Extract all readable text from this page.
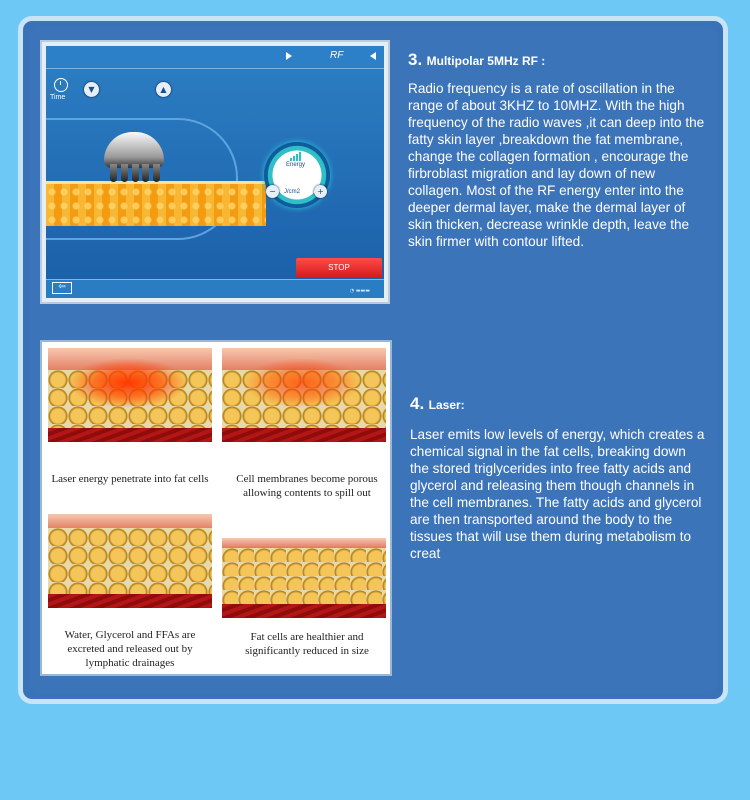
RF
Time
▼	▲
Energy
J/cm2
−	+
STOP
⇦	◔ ▬▬▬
3. Multipolar 5MHz RF :
Radio frequency is a rate of oscillation in the range of about 3KHZ to 10MHZ. With the high frequency of the radio waves ,it can deep into the fatty skin layer ,breakdown the fat membrane, change the collagen formation , encourage the firbroblast migration and lay down of new collagen. Most of the RF energy enter into the deeper dermal layer, make the dermal layer of skin thicken, decrease wrinkle depth, leave the skin firmer with contour lifted.
Laser energy penetrate into fat cells	Cell membranes become porous allowing contents to spill out
Water, Glycerol and FFAs are excreted and released out by lymphatic drainages
Fat cells are healthier and significantly reduced in size
4. Laser:
Laser emits low levels of energy, which creates a chemical signal in the fat cells, breaking down the stored triglycerides into free fatty acids and glycerol and releasing them though channels in the cell membranes. The fatty acids and glycerol are then transported around the body to the tissues that will use them during metabolism to creat
